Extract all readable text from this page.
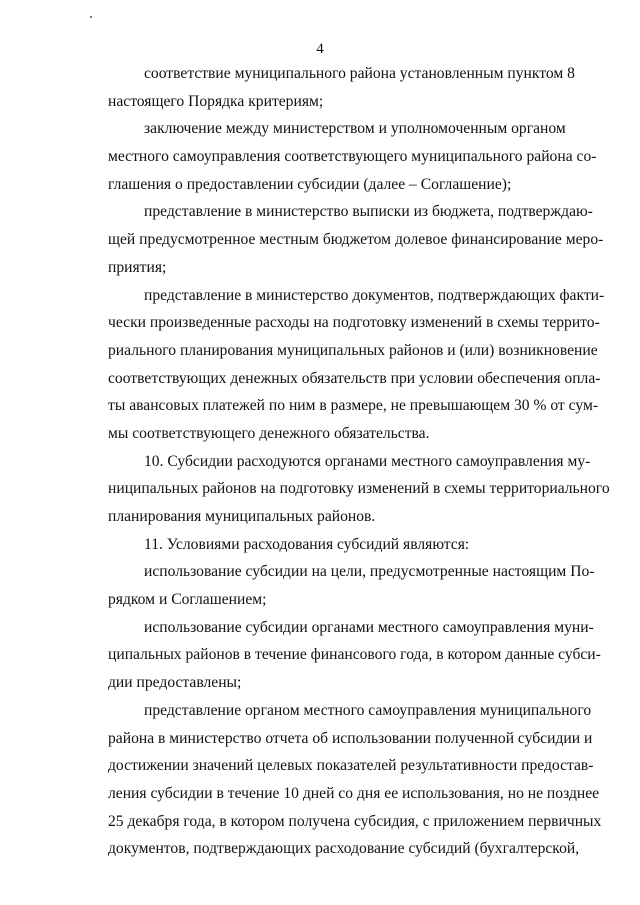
4
соответствие муниципального района установленным пунктом 8
настоящего Порядка критериям;
заключение между министерством и уполномоченным органом
местного самоуправления соответствующего муниципального района со-
глашения о предоставлении субсидии (далее – Соглашение);
представление в министерство выписки из бюджета, подтверждаю-
щей предусмотренное местным бюджетом долевое финансирование меро-
приятия;
представление в министерство документов, подтверждающих факти-
чески произведенные расходы на подготовку изменений в схемы террито-
риального планирования муниципальных районов и (или) возникновение
соответствующих денежных обязательств при условии обеспечения опла-
ты авансовых платежей по ним в размере, не превышающем 30 % от сум-
мы соответствующего денежного обязательства.
10. Субсидии расходуются органами местного самоуправления му-
ниципальных районов на подготовку изменений в схемы территориального
планирования муниципальных районов.
11. Условиями расходования субсидий являются:
использование субсидии на цели, предусмотренные настоящим По-
рядком и Соглашением;
использование субсидии органами местного самоуправления муни-
ципальных районов в течение финансового года, в котором данные субси-
дии предоставлены;
представление органом местного самоуправления муниципального
района в министерство отчета об использовании полученной субсидии и
достижении значений целевых показателей результативности предостав-
ления субсидии в течение 10 дней со дня ее использования, но не позднее
25 декабря года, в котором получена субсидия, с приложением первичных
документов, подтверждающих расходование субсидий (бухгалтерской,
